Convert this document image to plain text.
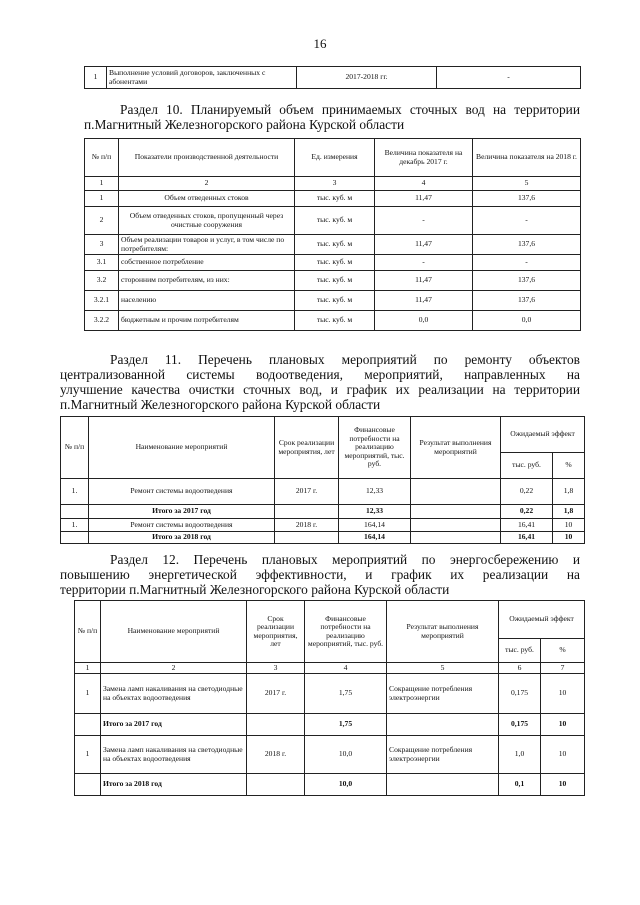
16
1	Выполнение условий договоров, заключенных с абонентами	2017-2018 гг.	-
Раздел 10. Планируемый объем принимаемых сточных вод на территории
п.Магнитный Железногорского района Курской области
№ п/п	Показатели производственной деятельности	Ед. измерения	Величина показателя на декабрь 2017 г.	Величина показателя на 2018 г.
1	2	3	4	5
1	Объем отведенных стоков	тыс. куб. м	11,47	137,6
2	Объем отведенных стоков, пропущенный через очистные сооружения	тыс. куб. м	-	-
3	Объем реализации товаров и услуг, в том числе по потребителям:	тыс. куб. м	11,47	137,6
3.1	собственное потребление	тыс. куб. м	-	-
3.2	сторонним потребителям, из них:	тыс. куб. м	11,47	137,6
3.2.1	населению	тыс. куб. м	11,47	137,6
3.2.2	бюджетным и прочим потребителям	тыс. куб. м	0,0	0,0
Раздел 11. Перечень плановых мероприятий по ремонту объектов
централизованной системы водоотведения, мероприятий, направленных на
улучшение качества очистки сточных вод, и график их реализации на территории
п.Магнитный Железногорского района Курской области
№ п/п	Наименование мероприятий	Срок реализации мероприятия, лет	Финансовые потребности на реализацию мероприятий, тыс. руб.	Результат выполнения мероприятий	Ожидаемый эффект	
					тыс. руб.	%
1.	Ремонт системы водоотведения	2017 г.	12,33		0,22	1,8
	Итого за 2017 год		12,33		0,22	1,8
1.	Ремонт системы водоотведения	2018 г.	164,14		16,41	10
	Итого за 2018 год		164,14		16,41	10
Раздел 12. Перечень плановых мероприятий по энергосбережению и
повышению энергетической эффективности, и график их реализации на
территории п.Магнитный Железногорского района Курской области
№ п/п	Наименование мероприятий	Срок реализации мероприятия, лет	Финансовые потребности на реализацию мероприятий, тыс. руб.	Результат выполнения мероприятий	Ожидаемый эффект	
					тыс. руб.	%
1	2	3	4	5	6	7
1	Замена ламп накаливания на светодиодные на объектах водоотведения	2017 г.	1,75	Сокращение потребления электроэнергии	0,175	10
	Итого за 2017 год		1,75		0,175	10
1	Замена ламп накаливания на светодиодные на объектах водоотведения	2018 г.	10,0	Сокращение потребления электроэнергии	1,0	10
	Итого за 2018 год		10,0		0,1	10
